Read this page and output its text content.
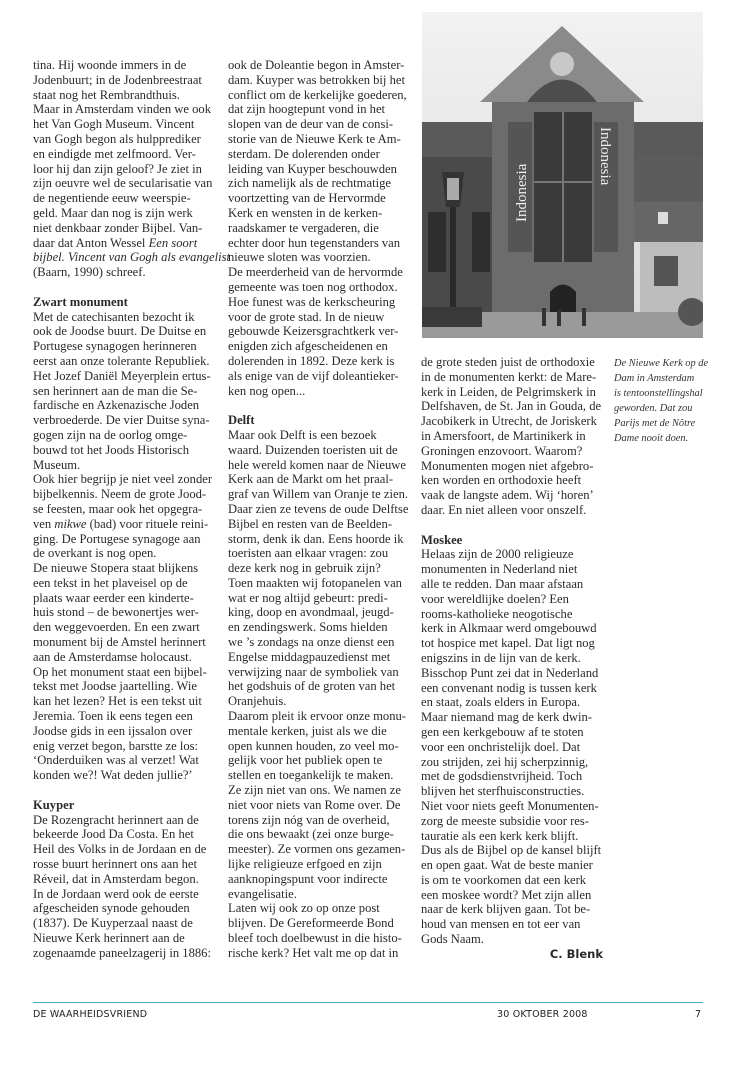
tina. Hij woonde immers in de
Jodenbuurt; in de Jodenbreestraat
staat nog het Rembrandthuis.
Maar in Amsterdam vinden we ook
het Van Gogh Museum. Vincent
van Gogh begon als hulpprediker
en eindigde met zelfmoord. Ver-
loor hij dan zijn geloof? Je ziet in
zijn oeuvre wel de secularisatie van
de negentiende eeuw weerspie-
geld. Maar dan nog is zijn werk
niet denkbaar zonder Bijbel. Van-
daar dat Anton Wessel Een soort
bijbel. Vincent van Gogh als evangelist
(Baarn, 1990) schreef.
Zwart monument
Met de catechisanten bezocht ik
ook de Joodse buurt. De Duitse en
Portugese synagogen herinneren
eerst aan onze tolerante Republiek.
Het Jozef Daniël Meyerplein ertus-
sen herinnert aan de man die Se-
fardische en Azkenazische Joden
verbroederde. De vier Duitse syna-
gogen zijn na de oorlog omge-
bouwd tot het Joods Historisch
Museum.
Ook hier begrijp je niet veel zonder
bijbelkennis. Neem de grote Jood-
se feesten, maar ook het opgegra-
ven mikwe (bad) voor rituele reini-
ging. De Portugese synagoge aan
de overkant is nog open.
De nieuwe Stopera staat blijkens
een tekst in het plaveisel op de
plaats waar eerder een kinderte-
huis stond – de bewonertjes wer-
den weggevoerden. En een zwart
monument bij de Amstel herinnert
aan de Amsterdamse holocaust.
Op het monument staat een bijbel-
tekst met Joodse jaartelling. Wie
kan het lezen? Het is een tekst uit
Jeremia. Toen ik eens tegen een
Joodse gids in een ijssalon over
enig verzet begon, barstte ze los:
‘Onderduiken was al verzet! Wat
konden we?! Wat deden jullie?’
Kuyper
De Rozengracht herinnert aan de
bekeerde Jood Da Costa. En het
Heil des Volks in de Jordaan en de
rosse buurt herinnert ons aan het
Réveil, dat in Amsterdam begon.
In de Jordaan werd ook de eerste
afgescheiden synode gehouden
(1837). De Kuyperzaal naast de
Nieuwe Kerk herinnert aan de
zogenaamde paneelzagerij in 1886:
ook de Doleantie begon in Amster-
dam. Kuyper was betrokken bij het
conflict om de kerkelijke goederen,
dat zijn hoogtepunt vond in het
slopen van de deur van de consi-
storie van de Nieuwe Kerk te Am-
sterdam. De dolerenden onder
leiding van Kuyper beschouwden
zich namelijk als de rechtmatige
voortzetting van de Hervormde
Kerk en wensten in de kerken-
raadskamer te vergaderen, die
echter door hun tegenstanders van
nieuwe sloten was voorzien.
De meerderheid van de hervormde
gemeente was toen nog orthodox.
Hoe funest was de kerkscheuring
voor de grote stad. In de nieuw
gebouwde Keizersgrachtkerk ver-
enigden zich afgescheidenen en
dolerenden in 1892. Deze kerk is
als enige van de vijf doleantieker-
ken nog open...
Delft
Maar ook Delft is een bezoek
waard. Duizenden toeristen uit de
hele wereld komen naar de Nieuwe
Kerk aan de Markt om het praal-
graf van Willem van Oranje te zien.
Daar zien ze tevens de oude Delftse
Bijbel en resten van de Beelden-
storm, denk ik dan. Eens hoorde ik
toeristen aan elkaar vragen: zou
deze kerk nog in gebruik zijn?
Toen maakten wij fotopanelen van
wat er nog altijd gebeurt: predi-
king, doop en avondmaal, jeugd-
en zendingswerk. Soms hielden
we ’s zondags na onze dienst een
Engelse middagpauzedienst met
verwijzing naar de symboliek van
het godshuis of de groten van het
Oranjehuis.
Daarom pleit ik ervoor onze monu-
mentale kerken, juist als we die
open kunnen houden, zo veel mo-
gelijk voor het publiek open te
stellen en toegankelijk te maken.
Ze zijn niet van ons. We namen ze
niet voor niets van Rome over. De
torens zijn nóg van de overheid,
die ons bewaakt (zei onze burge-
meester). Ze vormen ons gezamen-
lijke religieuze erfgoed en zijn
aanknopingspunt voor indirecte
evangelisatie.
Laten wij ook zo op onze post
blijven. De Gereformeerde Bond
bleef toch doelbewust in die histo-
rische kerk? Het valt me op dat in
de grote steden juist de orthodoxie
in de monumenten kerkt: de Mare-
kerk in Leiden, de Pelgrimskerk in
Delfshaven, de St. Jan in Gouda, de
Jacobikerk in Utrecht, de Joriskerk
in Amersfoort, de Martinikerk in
Groningen enzovoort. Waarom?
Monumenten mogen niet afgebro-
ken worden en orthodoxie heeft
vaak de langste adem. Wij ‘horen’
daar. En niet alleen voor onszelf.
Moskee
Helaas zijn de 2000 religieuze
monumenten in Nederland niet
alle te redden. Dan maar afstaan
voor wereldlijke doelen? Een
rooms-katholieke neogotische
kerk in Alkmaar werd omgebouwd
tot hospice met kapel. Dat ligt nog
enigszins in de lijn van de kerk.
Bisschop Punt zei dat in Nederland
een convenant nodig is tussen kerk
en staat, zoals elders in Europa.
Maar niemand mag de kerk dwin-
gen een kerkgebouw af te stoten
voor een onchristelijk doel. Dat
zou strijden, zei hij scherpzinnig,
met de godsdienstvrijheid. Toch
blijven het sterfhuisconstructies.
Niet voor niets geeft Monumenten-
zorg de meeste subsidie voor res-
tauratie als een kerk kerk blijft.
Dus als de Bijbel op de kansel blijft
en open gaat. Wat de beste manier
is om te voorkomen dat een kerk
een moskee wordt? Met zijn allen
naar de kerk blijven gaan. Tot be-
houd van mensen en tot eer van
Gods Naam.
C. Blenk
Indonesia
Indonesia
De Nieuwe Kerk op de
Dam in Amsterdam
is tentoonstellingshal
geworden. Dat zou
Parijs met de Nôtre
Dame nooit doen.
DE WAARHEIDSVRIEND	30 OKTOBER 2008	7
